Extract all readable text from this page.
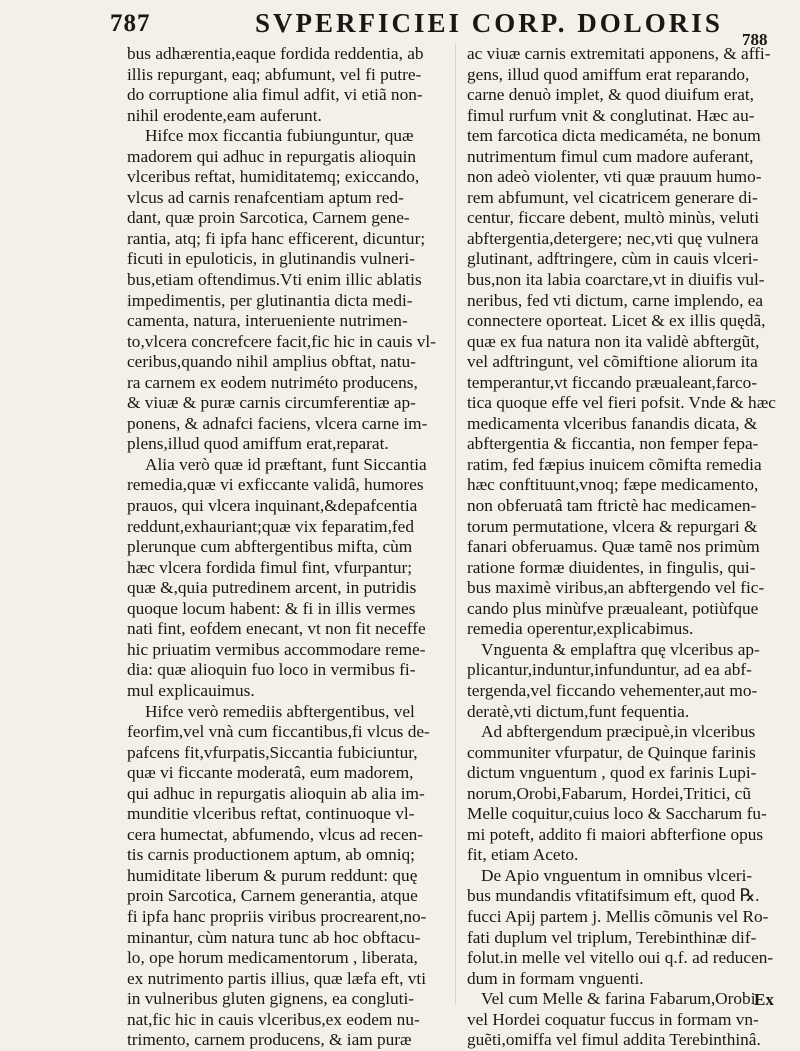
787	SVPERFICIEI CORP. DOLORIS
788
bus adhærentia,eaque fordida reddentia, ab
illis repurgant, eaq; abfumunt, vel fi putre-
do corruptione alia fimul adfit, vi etiã non-
nihil erodente,eam auferunt.
Hifce mox ficcantia fubiunguntur, quæ
madorem qui adhuc in repurgatis alioquin
vlceribus reftat, humiditatemq; exiccando,
vlcus ad carnis renafcentiam aptum red-
dant, quæ proin Sarcotica, Carnem gene-
rantia, atq; fi ipfa hanc efficerent, dicuntur;
ficuti in epuloticis, in glutinandis vulneri-
bus,etiam oftendimus.Vti enim illic ablatis
impedimentis, per glutinantia dicta medi-
camenta, natura, interueniente nutrimen-
to,vlcera concrefcere facit,fic hic in cauis vl-
ceribus,quando nihil amplius obftat, natu-
ra carnem ex eodem nutriméto producens,
& viuæ & puræ carnis circumferentiæ ap-
ponens, & adnafci faciens, vlcera carne im-
plens,illud quod amiffum erat,reparat.
Alia verò quæ id præftant, funt Siccantia
remedia,quæ vi exficcante validâ, humores
prauos, qui vlcera inquinant,&depafcentia
reddunt,exhauriant;quæ vix feparatim,fed
plerunque cum abftergentibus mifta, cùm
hæc vlcera fordida fimul fint, vfurpantur;
quæ &,quia putredinem arcent, in putridis
quoque locum habent: & fi in illis vermes
nati fint, eofdem enecant, vt non fit neceffe
hic priuatim vermibus accommodare reme-
dia: quæ alioquin fuo loco in vermibus fi-
mul explicauimus.
Hifce verò remediis abftergentibus, vel
feorfim,vel vnà cum ficcantibus,fi vlcus de-
pafcens fit,vfurpatis,Siccantia fubiciuntur,
quæ vi ficcante moderatâ, eum madorem,
qui adhuc in repurgatis alioquin ab alia im-
munditie vlceribus reftat, continuoque vl-
cera humectat, abfumendo, vlcus ad recen-
tis carnis productionem aptum, ab omniq;
humiditate liberum & purum reddunt: quę
proin Sarcotica, Carnem generantia, atque
fi ipfa hanc propriis viribus procrearent,no-
minantur, cùm natura tunc ab hoc obftacu-
lo, ope horum medicamentorum , liberata,
ex nutrimento partis illius, quæ læfa eft, vti
in vulneribus gluten gignens, ea congluti-
nat,fic hic in cauis vlceribus,ex eodem nu-
trimento, carnem producens, & iam puræ
ac viuæ carnis extremitati apponens, & affi-
gens, illud quod amiffum erat reparando,
carne denuò implet, & quod diuifum erat,
fimul rurfum vnit & conglutinat. Hæc au-
tem farcotica dicta medicaméta, ne bonum
nutrimentum fimul cum madore auferant,
non adeò violenter, vti quæ prauum humo-
rem abfumunt, vel cicatricem generare di-
centur, ficcare debent, multò minùs, veluti
abftergentia,detergere; nec,vti quę vulnera
glutinant, adftringere, cùm in cauis vlceri-
bus,non ita labia coarctare,vt in diuifis vul-
neribus, fed vti dictum, carne implendo, ea
connectere oporteat. Licet & ex illis quędã,
quæ ex fua natura non ita validè abftergũt,
vel adftringunt, vel cõmiftione aliorum ita
temperantur,vt ficcando præualeant,farco-
tica quoque effe vel fieri pofsit. Vnde & hæc
medicamenta vlceribus fanandis dicata, &
abftergentia & ficcantia, non femper fepa-
ratim, fed fæpius inuicem cõmifta remedia
hæc conftituunt,vnoq; fæpe medicamento,
non obferuatâ tam ftrictè hac medicamen-
torum permutatione, vlcera & repurgari &
fanari obferuamus. Quæ tamẽ nos primùm
ratione formæ diuidentes, in fingulis, qui-
bus maximè viribus,an abftergendo vel fic-
cando plus minùfve præualeant, potiùfque
remedia operentur,explicabimus.
Vnguenta & emplaftra quę vlceribus ap-
plicantur,induntur,infunduntur, ad ea abf-
tergenda,vel ficcando vehementer,aut mo-
deratè,vti dictum,funt fequentia.
Ad abftergendum præcipuè,in vlceribus
communiter vfurpatur, de Quinque farinis
dictum vnguentum , quod ex farinis Lupi-
norum,Orobi,Fabarum, Hordei,Tritici, cũ
Melle coquitur,cuius loco & Saccharum fu-
mi poteft, addito fi maiori abfterfione opus
fit, etiam Aceto.
De Apio vnguentum in omnibus vlceri-
bus mundandis vfitatifsimum eft, quod ℞.
fucci Apij partem j. Mellis cõmunis vel Ro-
fati duplum vel triplum, Terebinthinæ dif-
folut.in melle vel vitello oui q.f. ad reducen-
dum in formam vnguenti.
Vel cum Melle & farina Fabarum,Orobi
vel Hordei coquatur fuccus in formam vn-
guẽti,omiffa vel fimul addita Terebinthinâ.
Ex
